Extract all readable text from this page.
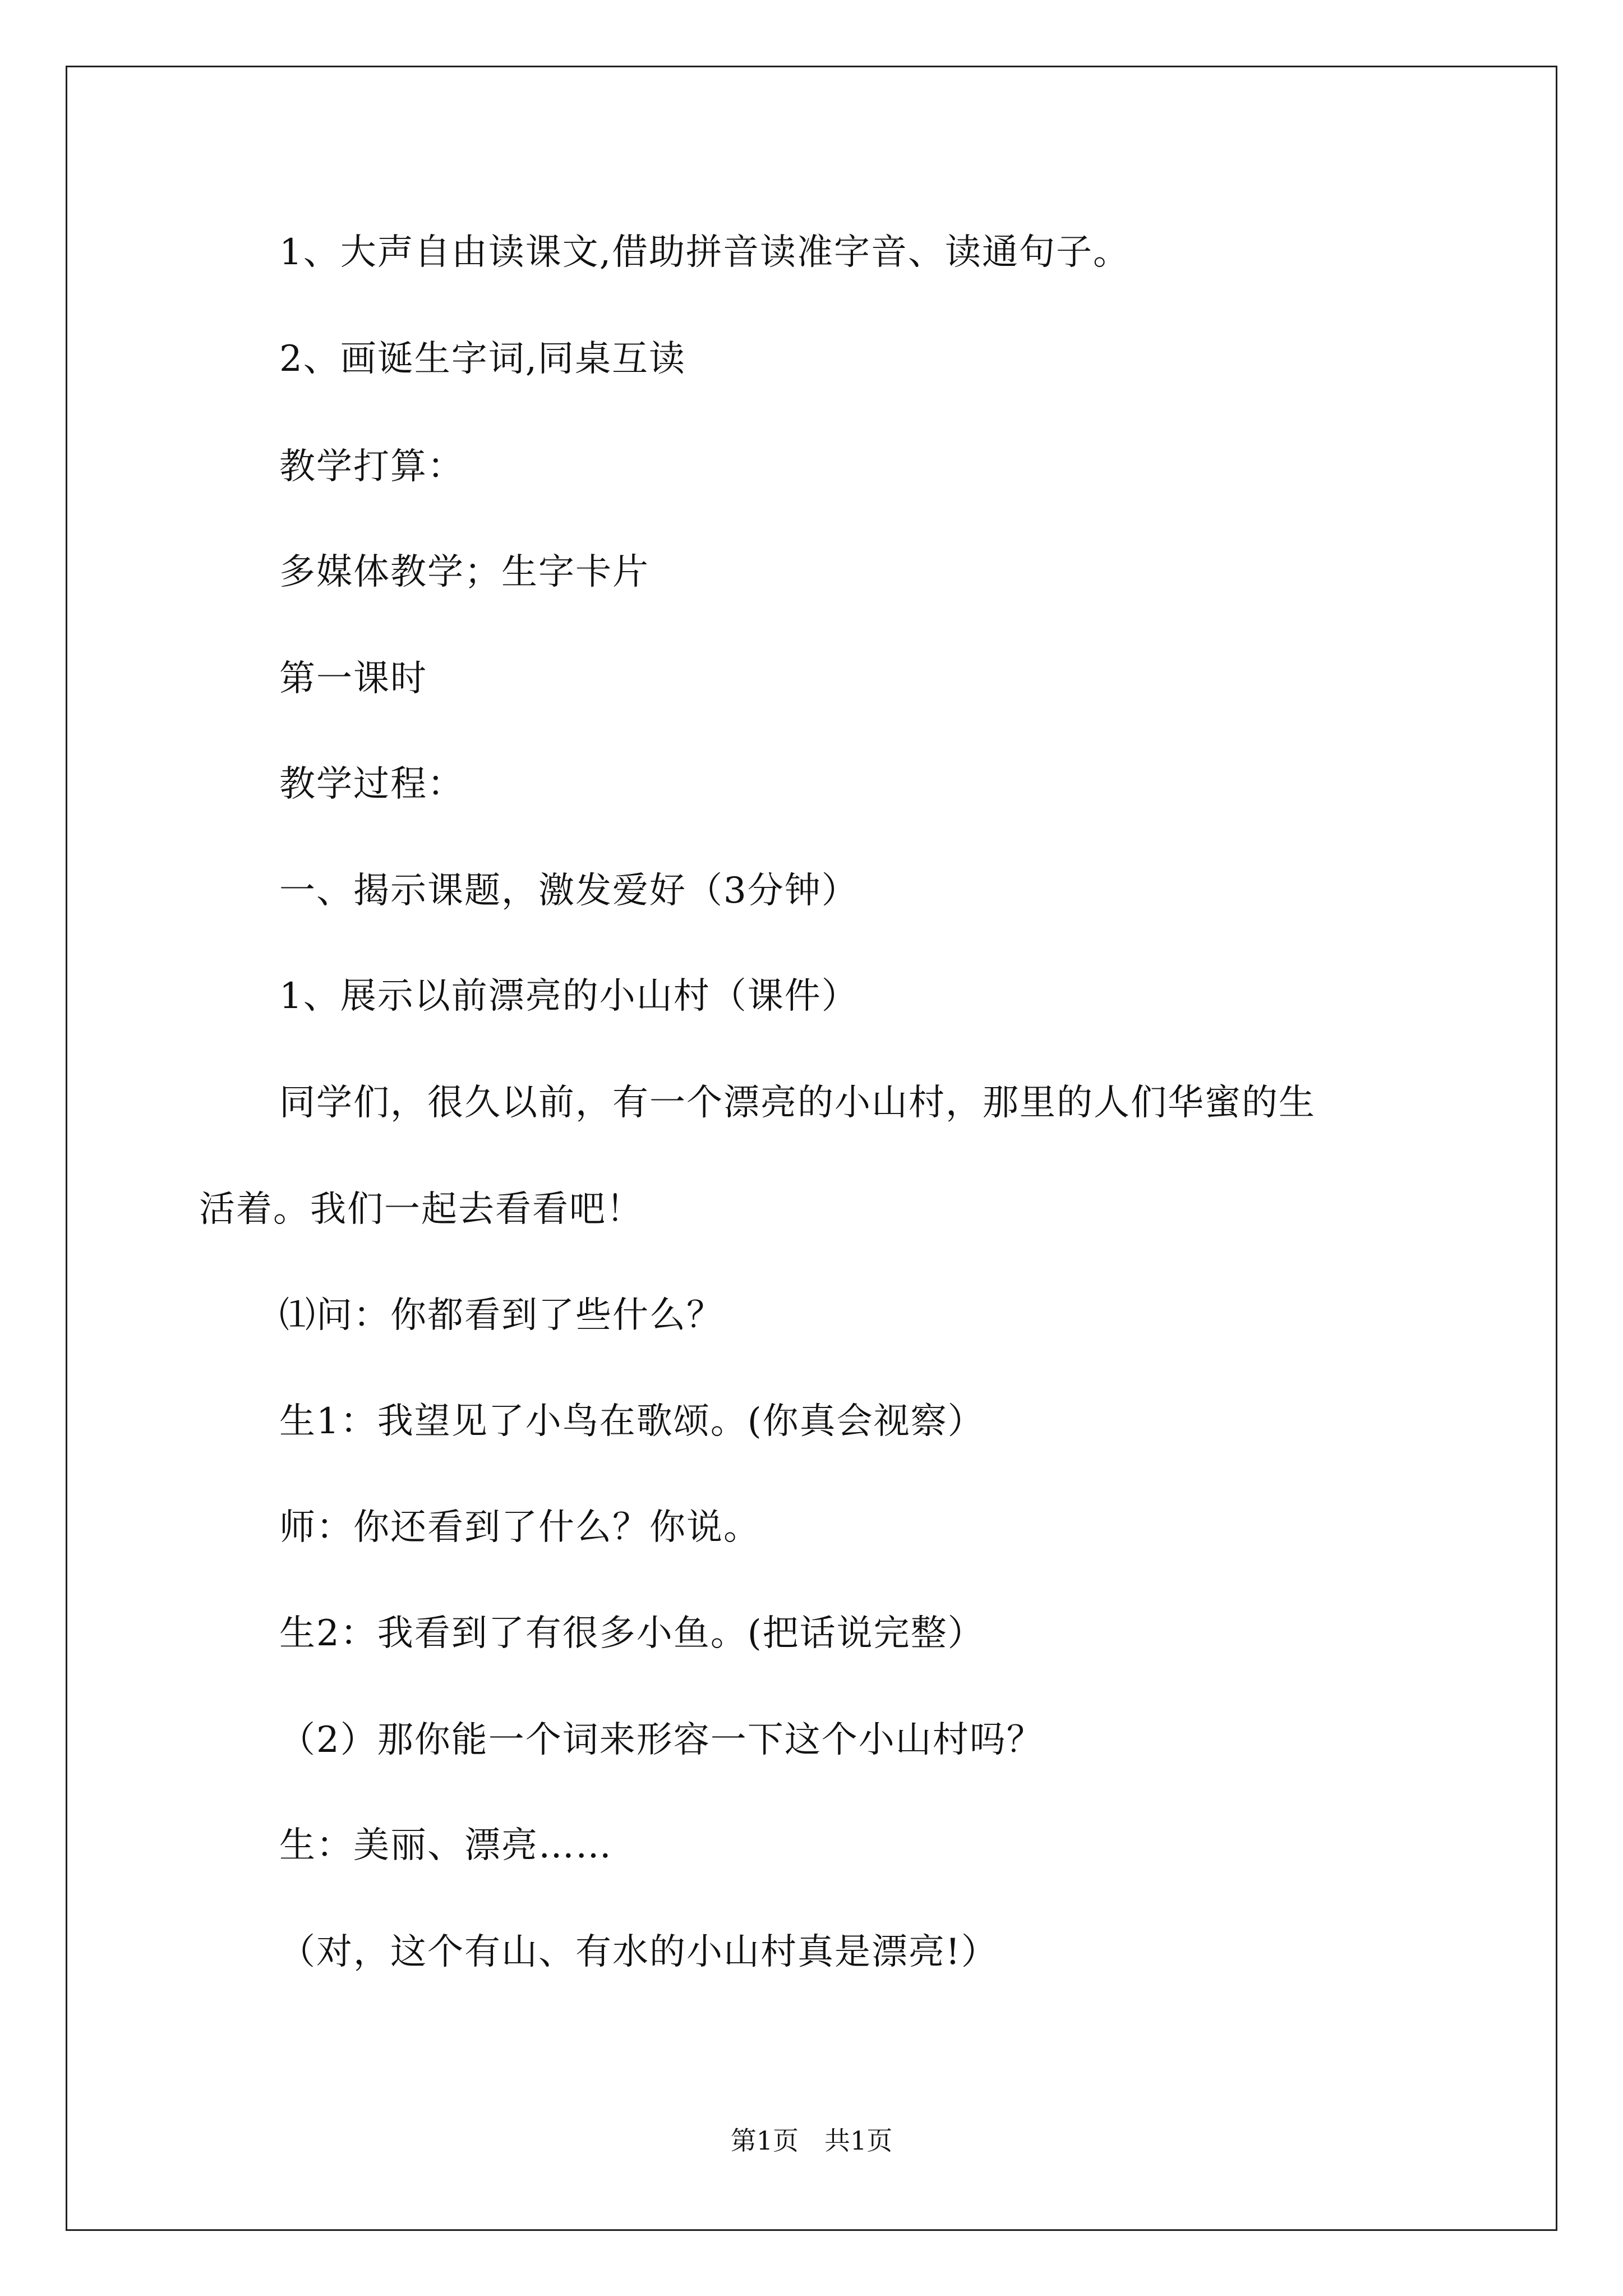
1、大声自由读课文,借助拼音读准字音、读通句子。
2、画诞生字词,同桌互读
教学打算：
多媒体教学；生字卡片
第一课时
教学过程：
一、揭示课题，激发爱好（3分钟）
1、展示以前漂亮的小山村（课件）
同学们，很久以前，有一个漂亮的小山村，那里的人们华蜜的生
活着。我们一起去看看吧！
⑴问：你都看到了些什么？
生1：我望见了小鸟在歌颂。(你真会视察）
师：你还看到了什么？你说。
生2：我看到了有很多小鱼。(把话说完整）
（2）那你能一个词来形容一下这个小山村吗？
生：美丽、漂亮……
（对，这个有山、有水的小山村真是漂亮!）
第1页　共1页
